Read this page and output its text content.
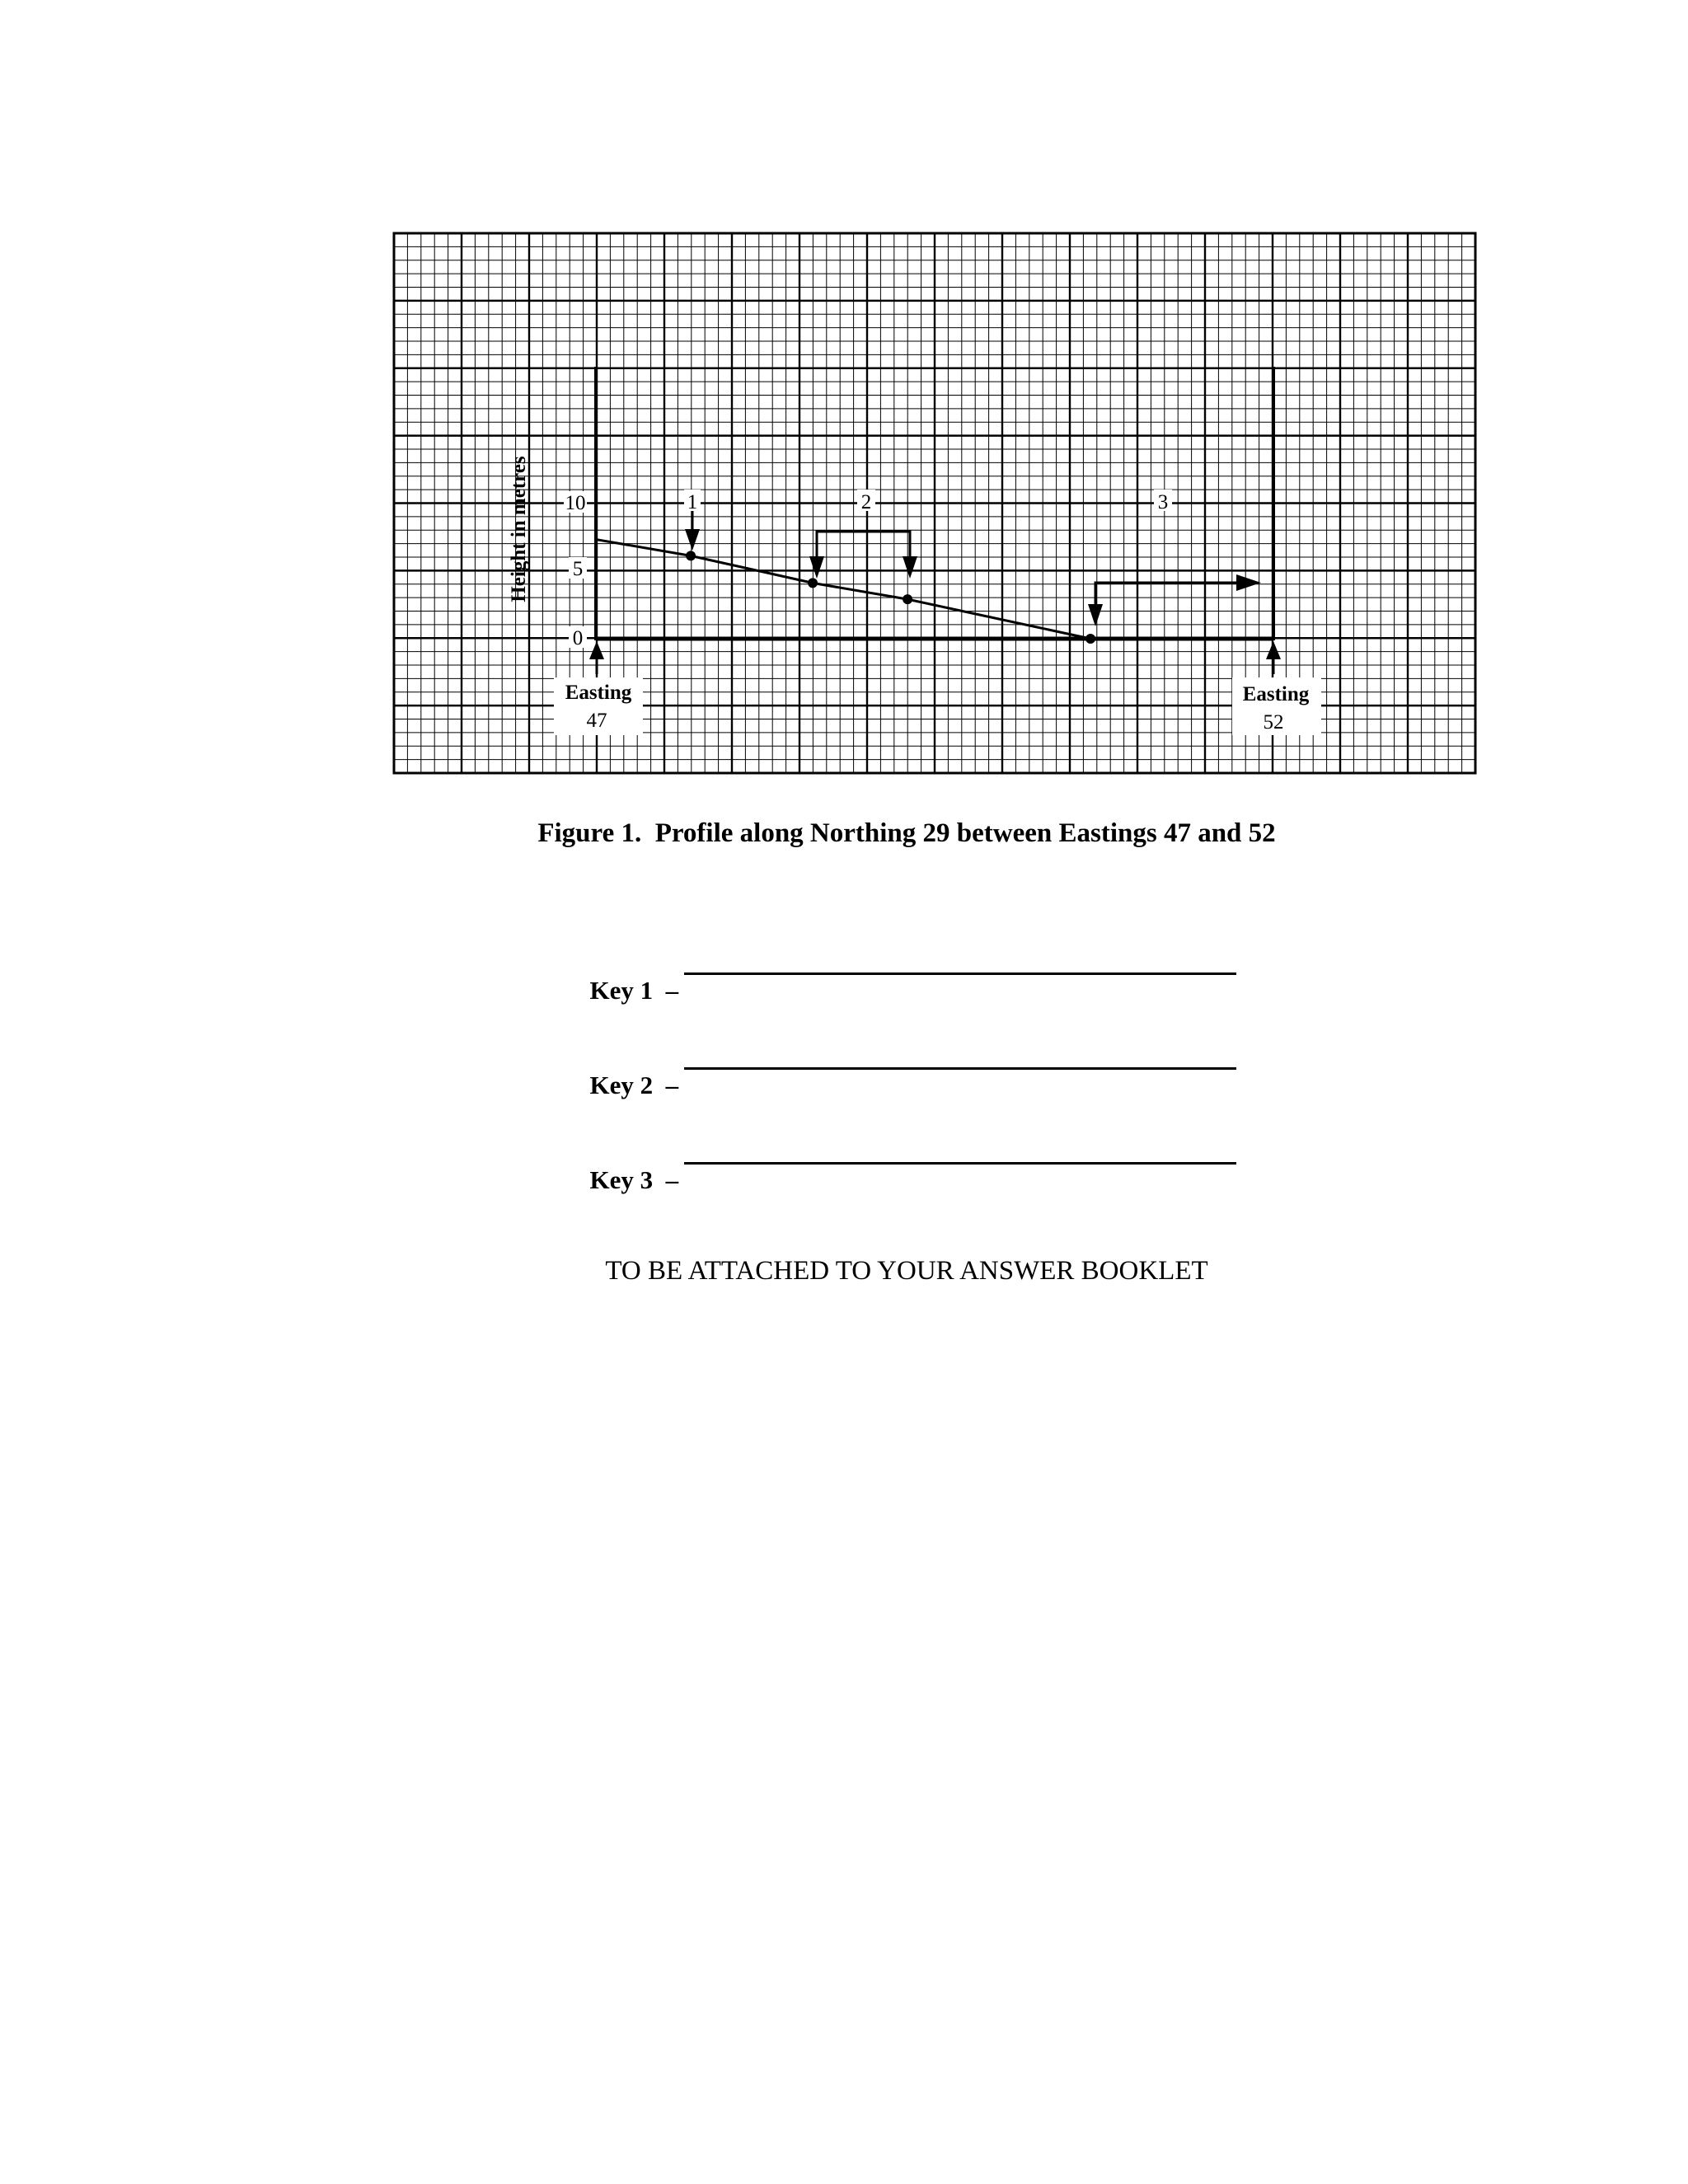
Height in metres 10
5
0
Easting
47
Easting
52
1	2	3
Figure 1.  Profile along Northing 29 between Eastings 47 and 52

Key 1 –

Key 2 –

Key 3 –

TO BE ATTACHED TO YOUR ANSWER BOOKLET
